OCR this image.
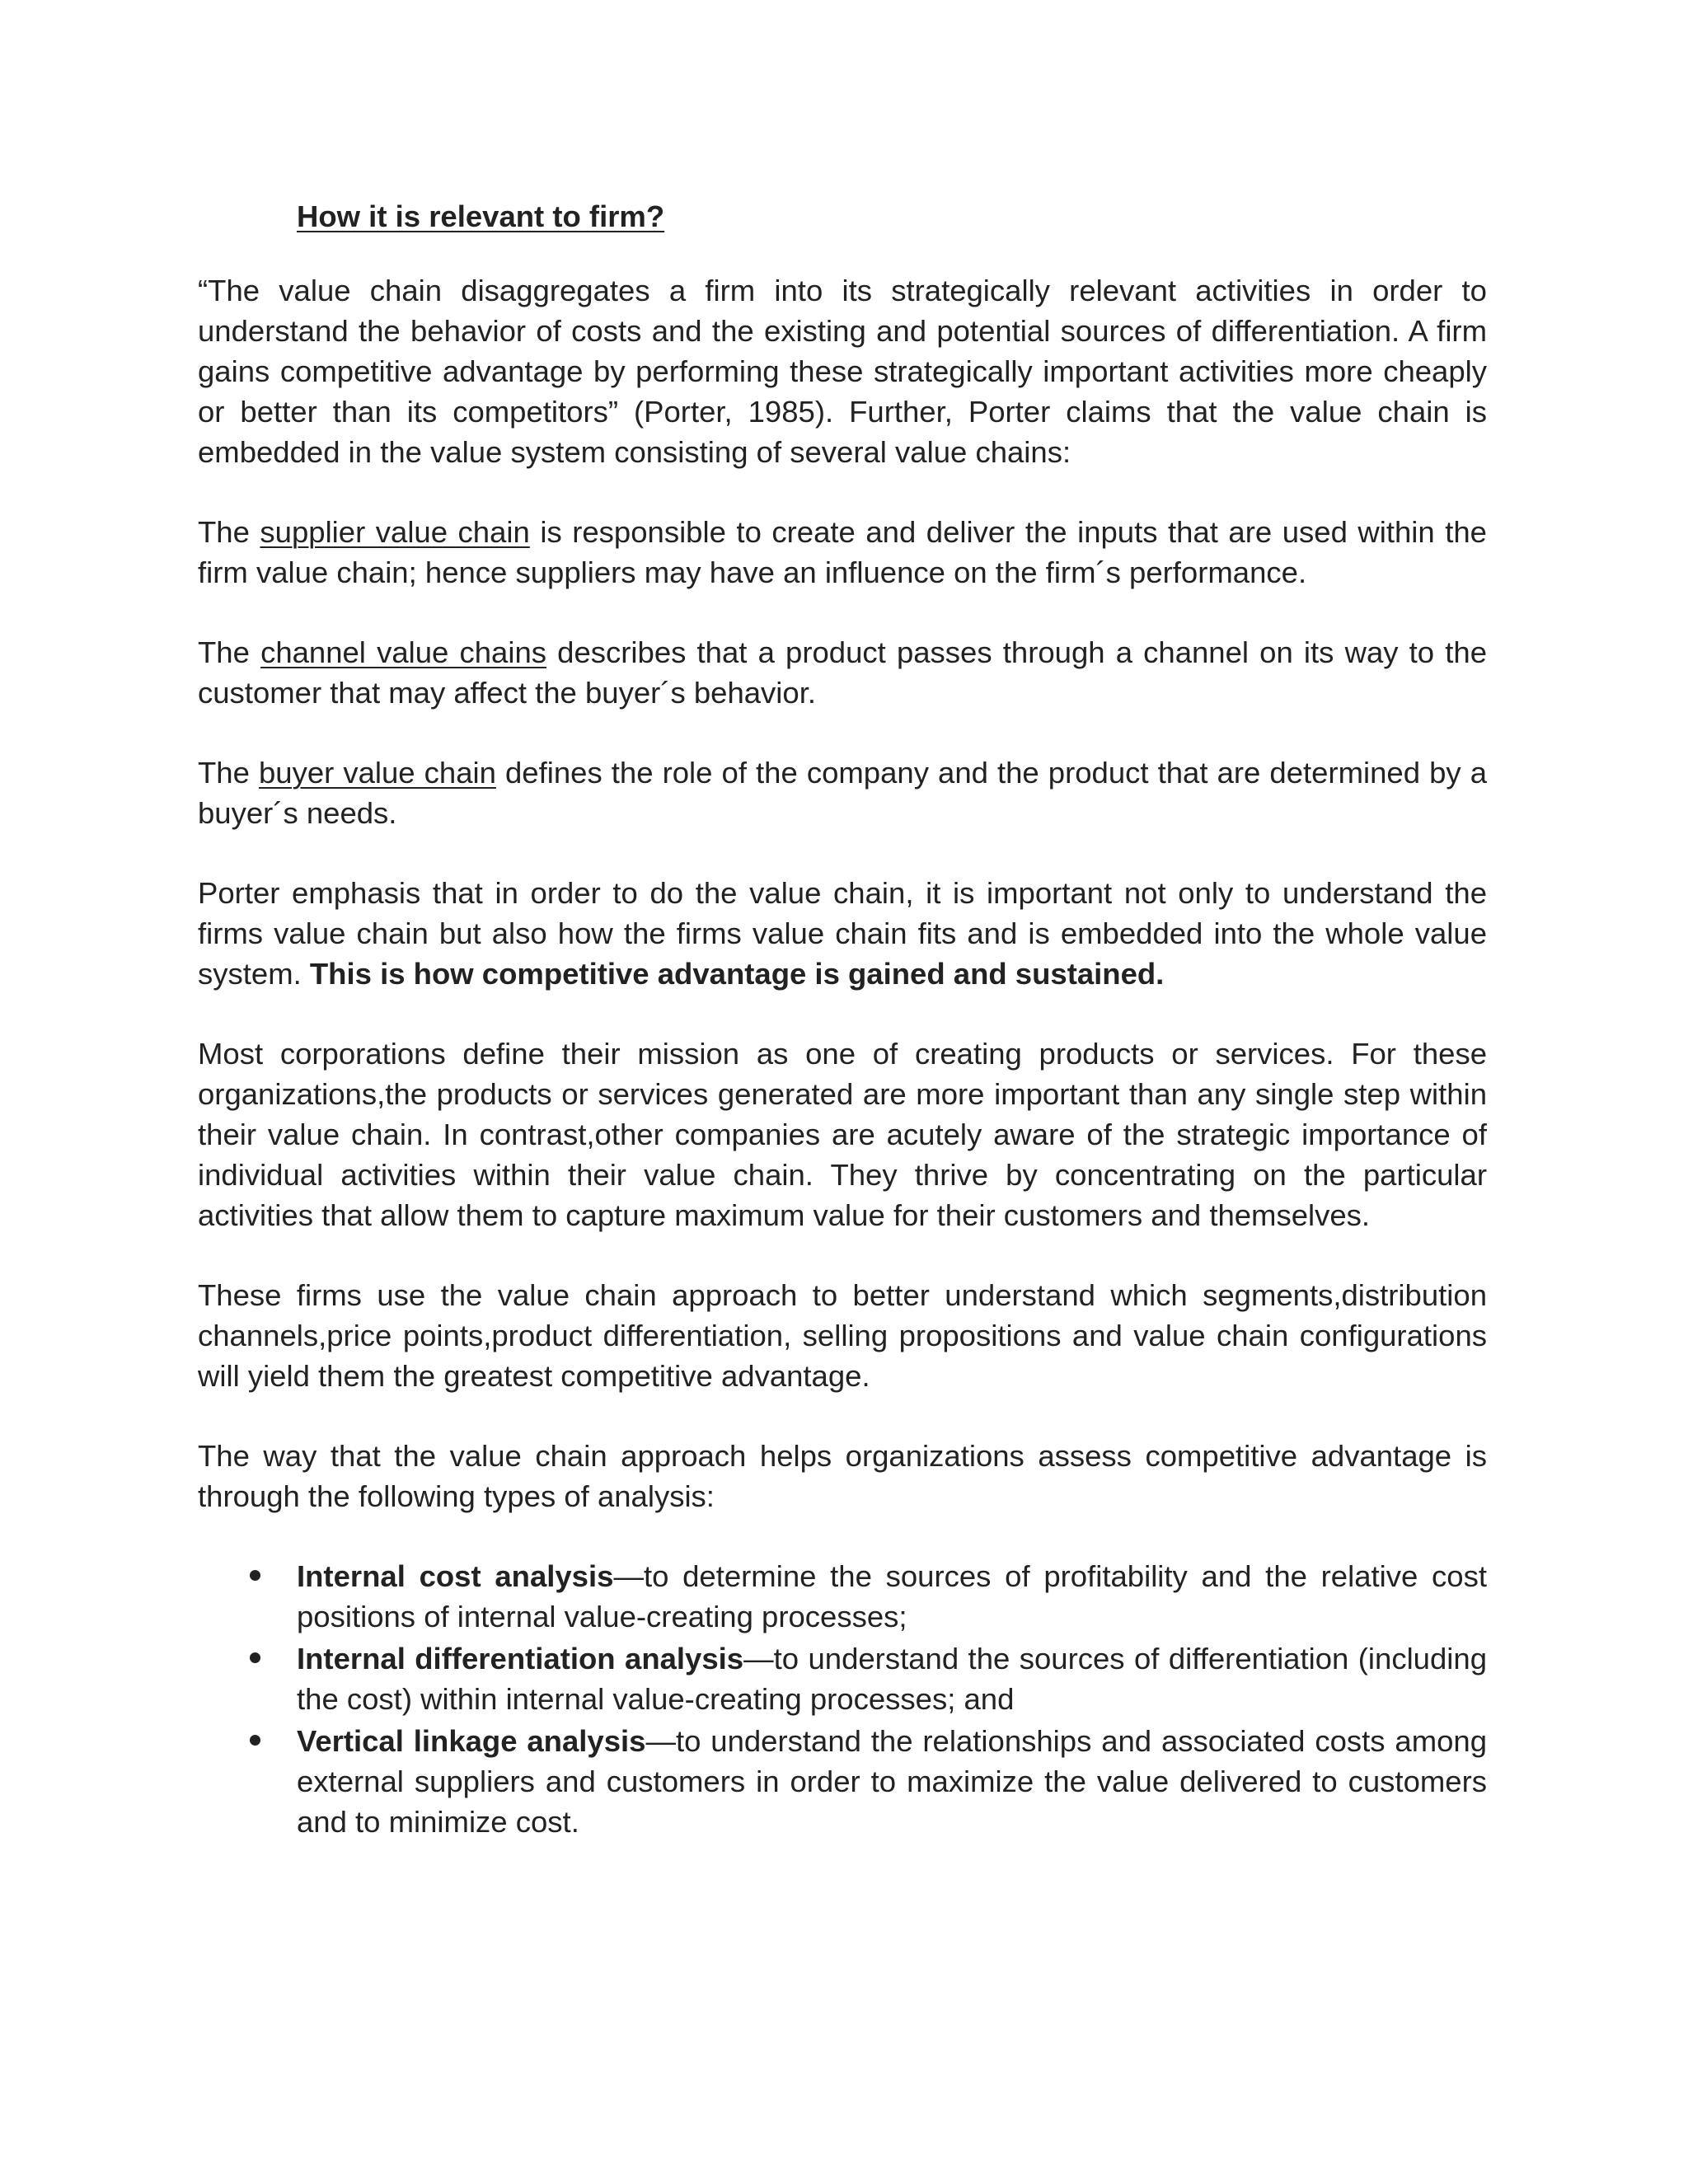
How it is relevant to firm?

“The value chain disaggregates a firm into its strategically relevant activities in order to understand the behavior of costs and the existing and potential sources of differentiation. A firm gains competitive advantage by performing these strategically important activities more cheaply or better than its competitors” (Porter, 1985). Further, Porter claims that the value chain is embedded in the value system consisting of several value chains:

The supplier value chain is responsible to create and deliver the inputs that are used within the firm value chain; hence suppliers may have an influence on the firm´s performance.

The channel value chains describes that a product passes through a channel on its way to the customer that may affect the buyer´s behavior.

The buyer value chain defines the role of the company and the product that are determined by a buyer´s needs.

Porter emphasis that in order to do the value chain, it is important not only to understand the firms value chain but also how the firms value chain fits and is embedded into the whole value system. This is how competitive advantage is gained and sustained.

Most corporations define their mission as one of creating products or services. For these organizations,the products or services generated are more important than any single step within their value chain. In contrast,other companies are acutely aware of the strategic importance of individual activities within their value chain. They thrive by concentrating on the particular activities that allow them to capture maximum value for their customers and themselves.

These firms use the value chain approach to better understand which segments,distribution channels,price points,product differentiation, selling propositions and value chain configurations will yield them the greatest competitive advantage.

The way that the value chain approach helps organizations assess competitive advantage is through the following types of analysis:

Internal cost analysis—to determine the sources of profitability and the relative cost positions of internal value-creating processes;
Internal differentiation analysis—to understand the sources of differentiation (including the cost) within internal value-creating processes; and
Vertical linkage analysis—to understand the relationships and associated costs among external suppliers and customers in order to maximize the value delivered to customers and to minimize cost.
